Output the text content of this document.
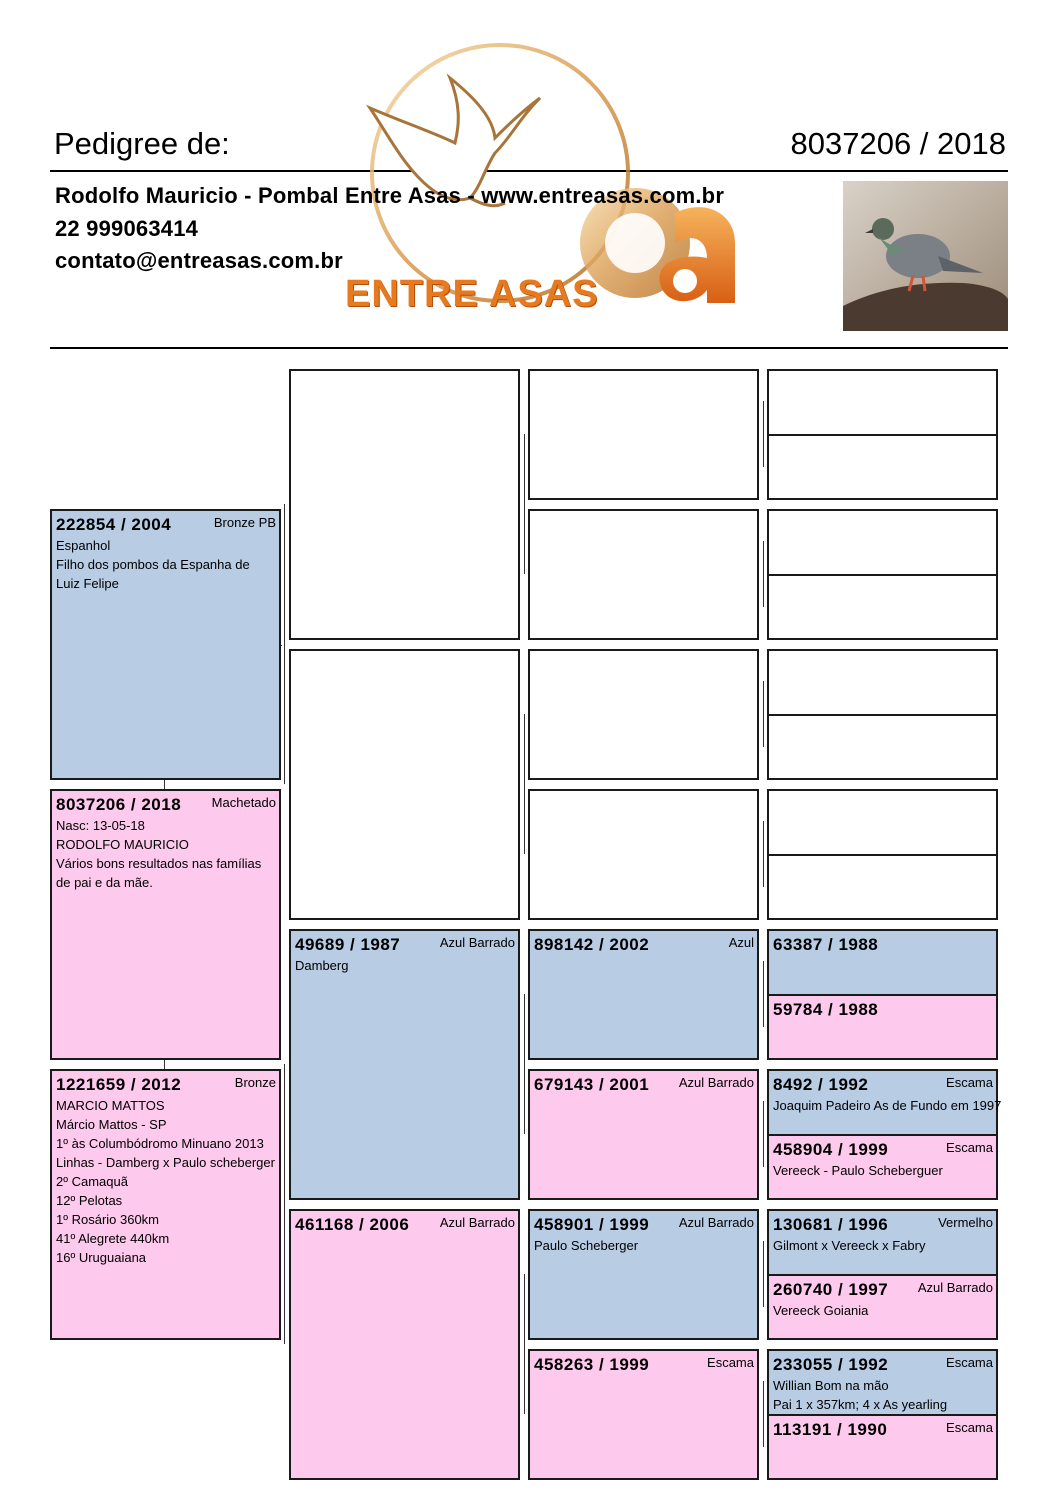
Pedigree de:	8037206 / 2018
ENTRE ASAS
Rodolfo Mauricio - Pombal Entre Asas - www.entreasas.com.br
22 999063414
contato@entreasas.com.br
222854 / 2004	Bronze PB
Espanhol
Filho dos pombos da Espanha de
Luiz Felipe
8037206 / 2018 Machetado
Nasc: 13-05-18
RODOLFO MAURICIO
Vários bons resultados nas famílias
de pai e da mãe.
1221659 / 2012	Bronze
MARCIO MATTOS
Márcio Mattos - SP
1º às Columbódromo Minuano 2013
Linhas - Damberg x Paulo scheberger
2º Camaquã
12º Pelotas
1º Rosário 360km
41º Alegrete 440km
16º Uruguaiana
49689 / 1987	Azul Barrado
Damberg
461168 / 2006 Azul Barrado
898142 / 2002	Azul
679143 / 2001 Azul Barrado
458901 / 1999 Azul Barrado
Paulo Scheberger
458263 / 1999	Escama
63387 / 1988
59784 / 1988
8492 / 1992	Escama
Joaquim Padeiro As de Fundo em 1997
458904 / 1999	Escama
Vereeck - Paulo Scheberguer
130681 / 1996	Vermelho
Gilmont x Vereeck x Fabry
260740 / 1997 Azul Barrado
Vereeck Goiania
233055 / 1992	Escama
Willian Bom na mão
Pai 1 x 357km; 4 x As yearling
113191 / 1990	Escama
